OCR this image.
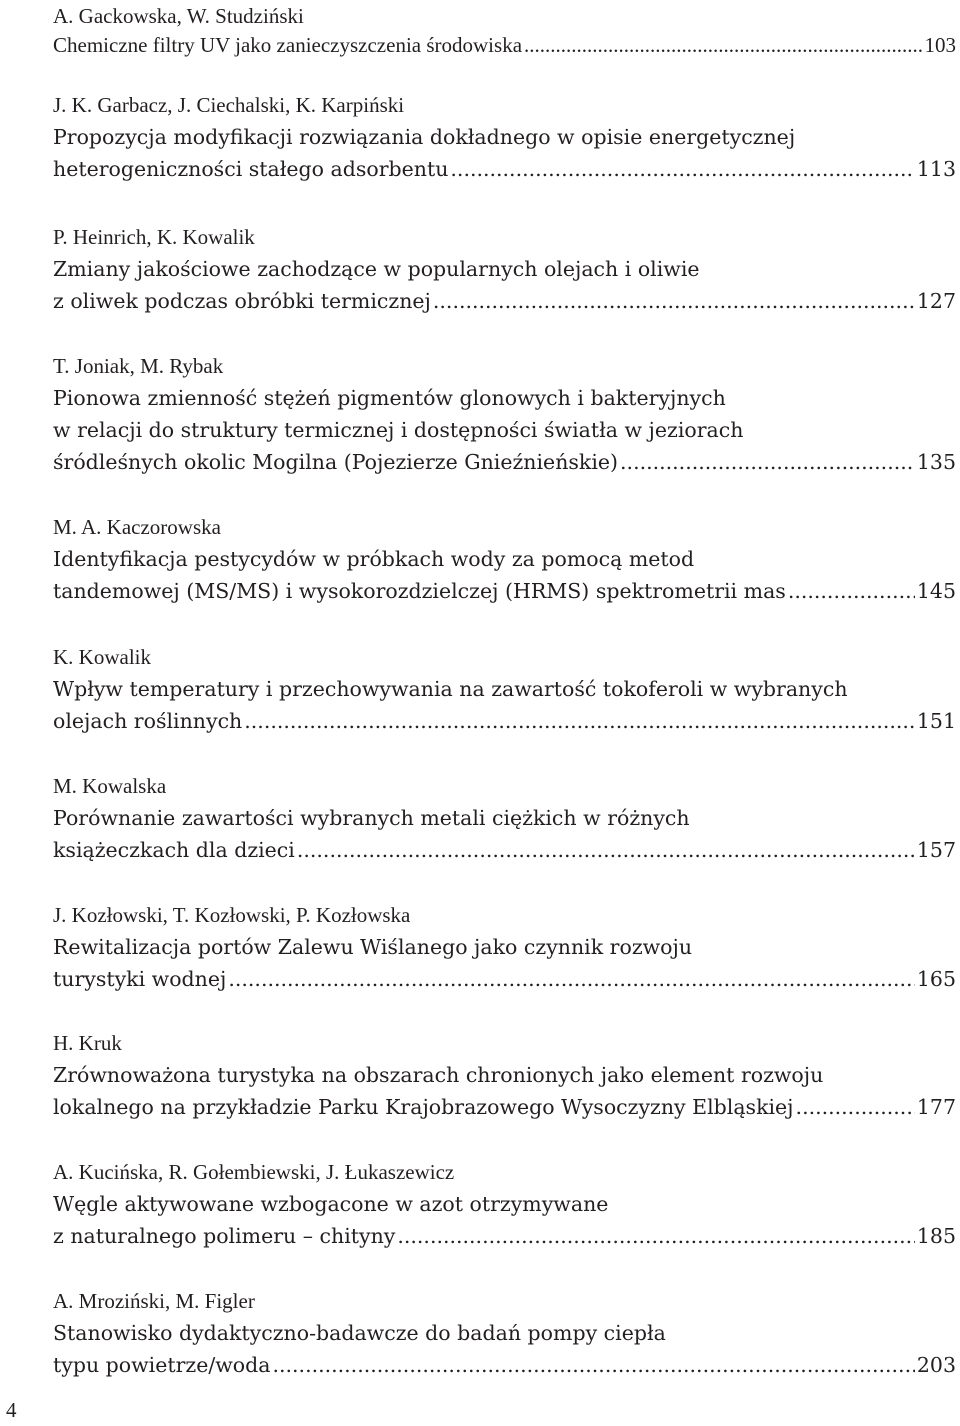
A. Gackowska, W. Studziński
Chemiczne filtry UV jako zanieczyszczenia środowiska .....	103
J. K. Garbacz, J. Ciechalski, K. Karpiński
Propozycja modyfikacji rozwiązania dokładnego w opisie energetycznej
heterogeniczności stałego adsorbentu .....	113
P. Heinrich, K. Kowalik
Zmiany jakościowe zachodzące w popularnych olejach i oliwie
z oliwek podczas obróbki termicznej .....	127
T. Joniak, M. Rybak
Pionowa zmienność stężeń pigmentów glonowych i bakteryjnych
w relacji do struktury termicznej i dostępności światła w jeziorach
śródleśnych okolic Mogilna (Pojezierze Gnieźnieńskie) .....	135
M. A. Kaczorowska
Identyfikacja pestycydów w próbkach wody za pomocą metod
tandemowej (MS/MS) i wysokorozdzielczej (HRMS) spektrometrii mas .....	145
K. Kowalik
Wpływ temperatury i przechowywania na zawartość tokoferoli w wybranych
olejach roślinnych .....	151
M. Kowalska
Porównanie zawartości wybranych metali ciężkich w różnych
książeczkach dla dzieci .....	157
J. Kozłowski, T. Kozłowski, P. Kozłowska
Rewitalizacja portów Zalewu Wiślanego jako czynnik rozwoju
turystyki wodnej .....	165
H. Kruk
Zrównoważona turystyka na obszarach chronionych jako element rozwoju
lokalnego na przykładzie Parku Krajobrazowego Wysoczyzny Elbląskiej .....	177
A. Kucińska, R. Gołembiewski, J. Łukaszewicz
Węgle aktywowane wzbogacone w azot otrzymywane
z naturalnego polimeru – chityny .....	185
A. Mroziński, M. Figler
Stanowisko dydaktyczno-badawcze do badań pompy ciepła
typu powietrze/woda .....	203
4
